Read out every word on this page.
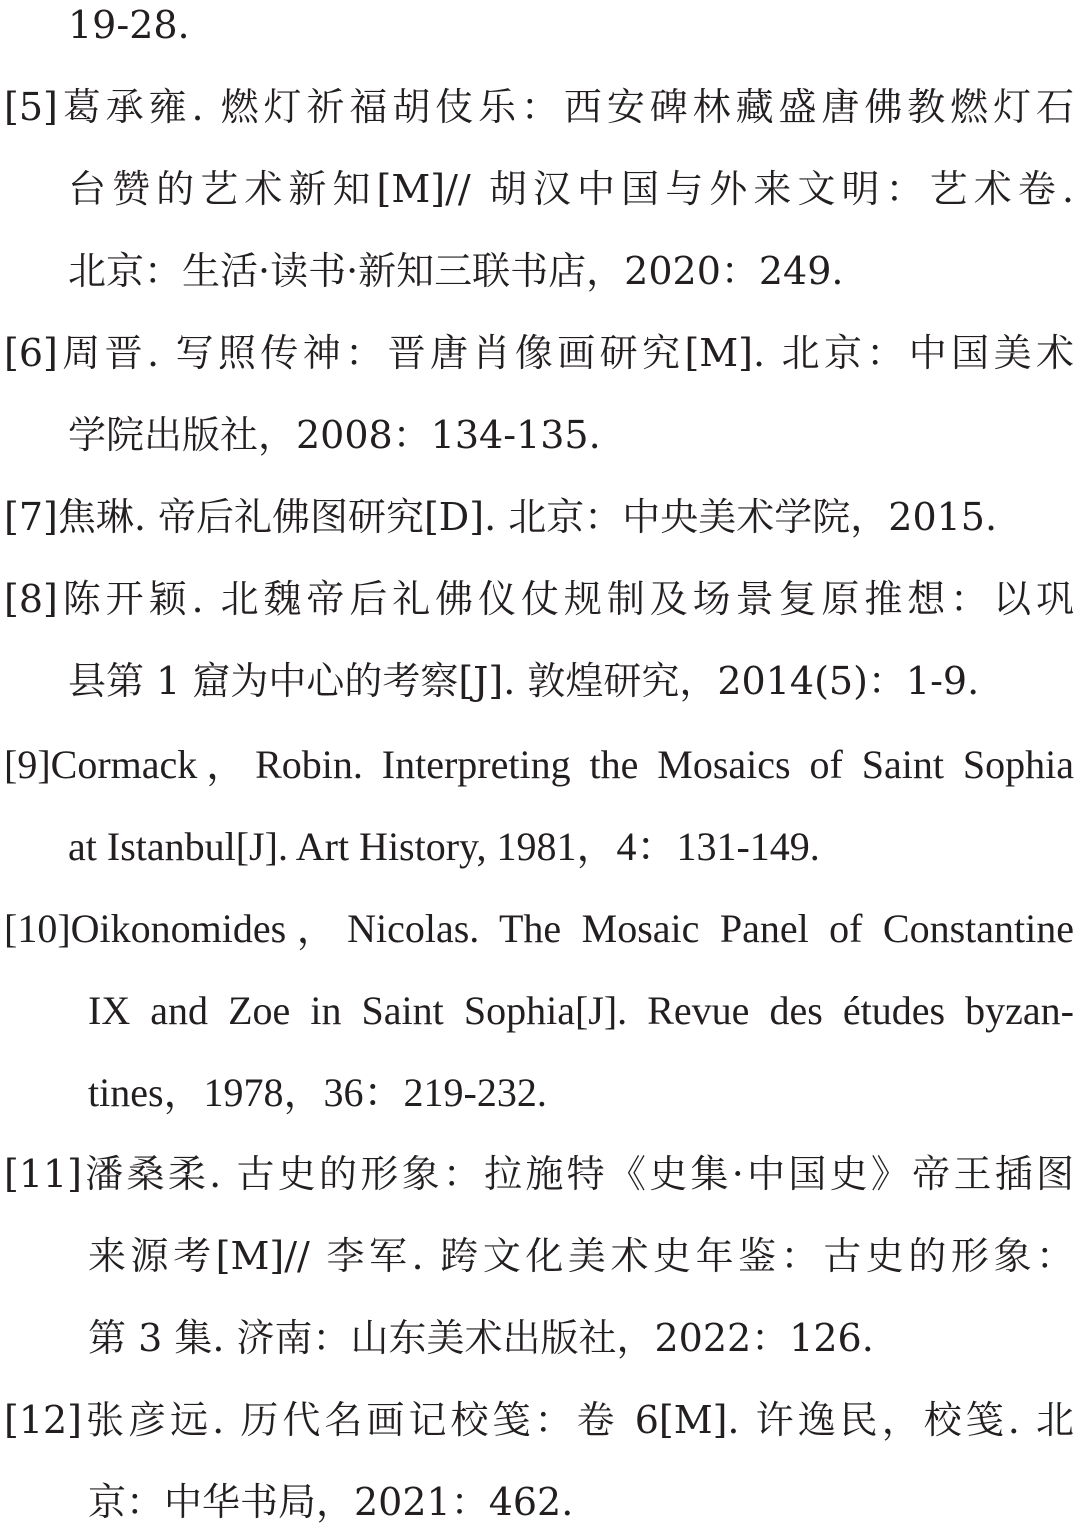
19-28.
[5]葛承雍. 燃灯祈福胡伎乐：西安碑林藏盛唐佛教燃灯石
台赞的艺术新知[M]// 胡汉中国与外来文明：艺术卷.
北京：生活·读书·新知三联书店，2020：249.
[6]周晋. 写照传神：晋唐肖像画研究[M]. 北京：中国美术
学院出版社，2008：134-135.
[7]焦琳. 帝后礼佛图研究[D]. 北京：中央美术学院，2015.
[8]陈开颖. 北魏帝后礼佛仪仗规制及场景复原推想：以巩
县第 1 窟为中心的考察[J]. 敦煌研究，2014(5)：1-9.
[9]Cormack，Robin. Interpreting the Mosaics of Saint Sophia
at Istanbul[J]. Art History, 1981，4：131-149.
[10]Oikonomides，Nicolas. The Mosaic Panel of Constantine
IX and Zoe in Saint Sophia[J]. Revue des études byzan-
tines，1978，36：219-232.
[11]潘桑柔. 古史的形象：拉施特《史集·中国史》帝王插图
来源考[M]// 李军. 跨文化美术史年鉴：古史的形象：
第 3 集. 济南：山东美术出版社，2022：126.
[12]张彦远. 历代名画记校笺：卷 6[M]. 许逸民，校笺. 北
京：中华书局，2021：462.
